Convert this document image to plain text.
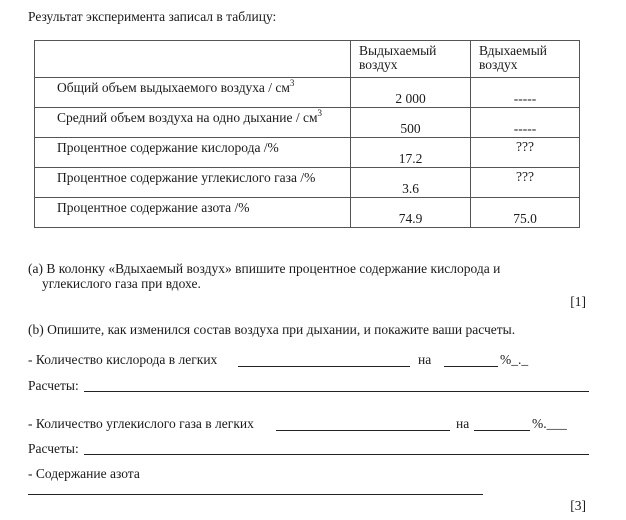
Результат эксперимента записал в таблицу:

	Выдыхаемый воздух	Вдыхаемый воздух

Общий объем выдыхаемого воздуха / $см^3$	2 000	-----

Средний объем воздуха на одно дыхание / $см^3$	500	-----

Процентное содержание кислорода /%	17.2	???

Процентное содержание углекислого газа /%	3.6	???

Процентное содержание азота /%	74.9	75.0
(a) В колонку «Вдыхаемый воздух» впишите процентное содержание кислорода и
углекислого газа при вдохе.
[1]
(b) Опишите, как изменился состав воздуха при дыхании, и покажите ваши расчеты.
- Количество кислорода в легких	на	%_._
Расчеты:
- Количество углекислого газа в легких	на	%.___
Расчеты:
- Содержание азота
[3]
